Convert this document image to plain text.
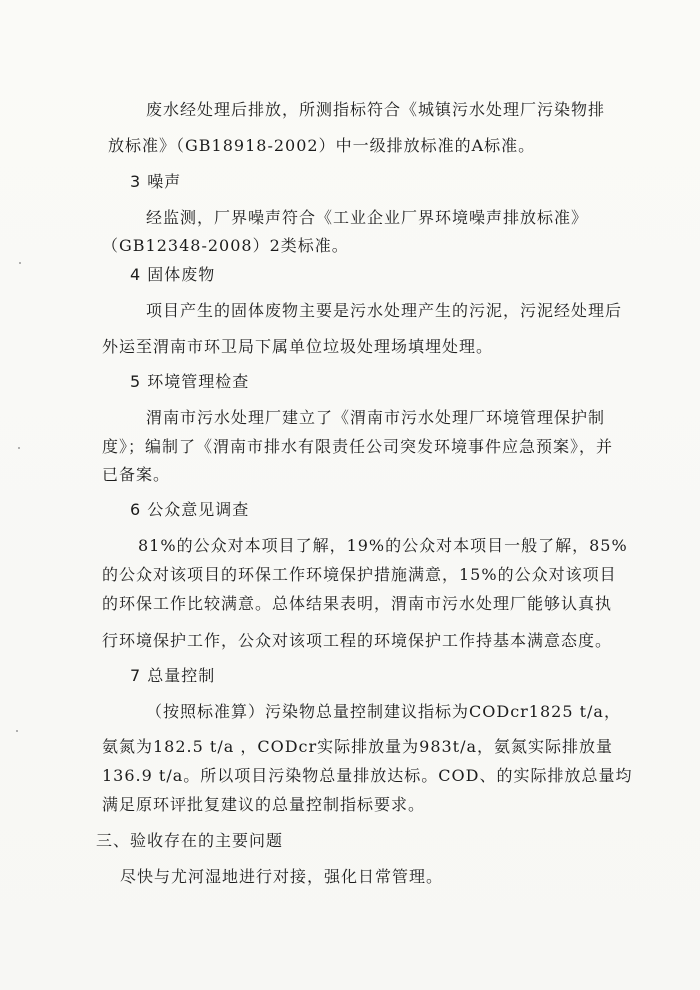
废水经处理后排放，所测指标符合《城镇污水处理厂污染物排
放标准》（GB18918-2002）中一级排放标准的A标准。
3 噪声
经监测，厂界噪声符合《工业企业厂界环境噪声排放标准》
（GB12348-2008）2类标准。
4 固体废物
项目产生的固体废物主要是污水处理产生的污泥，污泥经处理后
外运至渭南市环卫局下属单位垃圾处理场填埋处理。
5 环境管理检查
渭南市污水处理厂建立了《渭南市污水处理厂环境管理保护制
度》；编制了《渭南市排水有限责任公司突发环境事件应急预案》，并
已备案。
6 公众意见调查
81%的公众对本项目了解，19%的公众对本项目一般了解，85%
的公众对该项目的环保工作环境保护措施满意，15%的公众对该项目
的环保工作比较满意。总体结果表明，渭南市污水处理厂能够认真执
行环境保护工作，公众对该项工程的环境保护工作持基本满意态度。
7 总量控制
（按照标准算）污染物总量控制建议指标为CODcr1825 t/a，
氨氮为182.5 t/a ，CODcr实际排放量为983t/a，氨氮实际排放量
136.9 t/a。所以项目污染物总量排放达标。COD、的实际排放总量均
满足原环评批复建议的总量控制指标要求。
三、验收存在的主要问题
尽快与尤河湿地进行对接，强化日常管理。
